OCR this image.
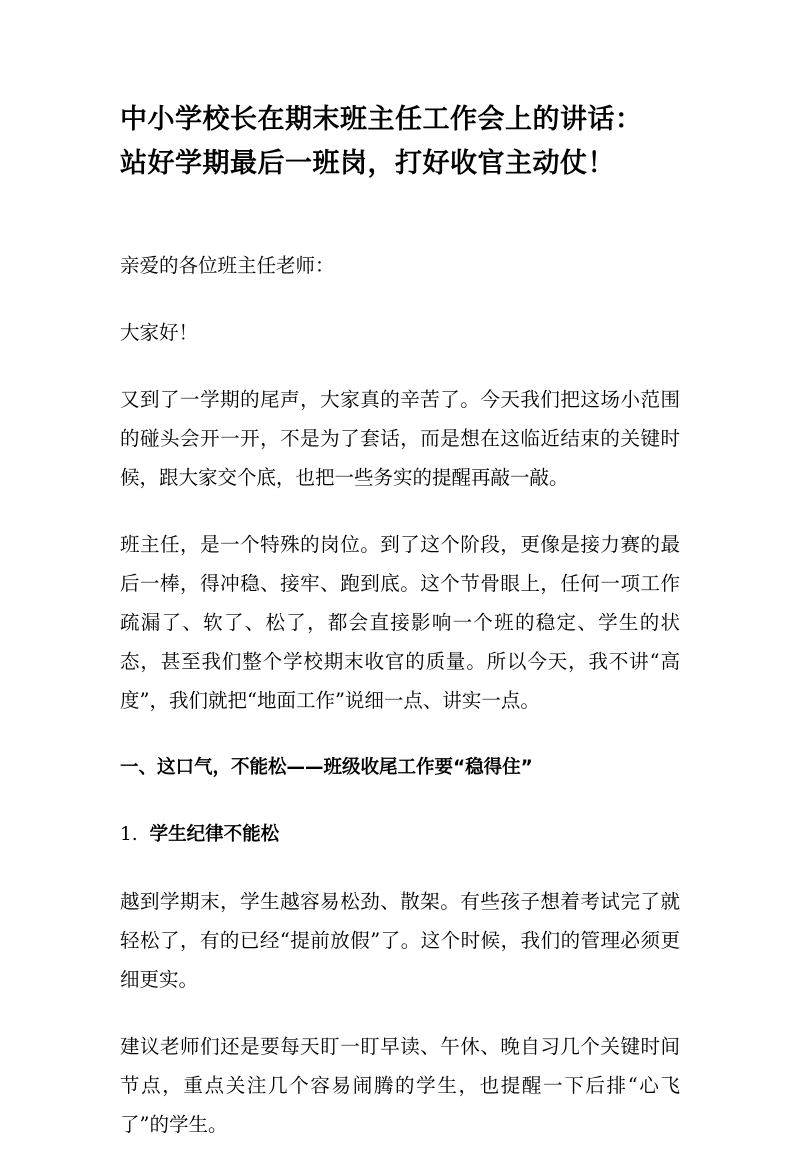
中小学校长在期末班主任工作会上的讲话：
站好学期最后一班岗，打好收官主动仗！

亲爱的各位班主任老师：

大家好！

又到了一学期的尾声，大家真的辛苦了。今天我们把这场小范围的碰头会开一开，不是为了套话，而是想在这临近结束的关键时候，跟大家交个底，也把一些务实的提醒再敲一敲。

班主任，是一个特殊的岗位。到了这个阶段，更像是接力赛的最后一棒，得冲稳、接牢、跑到底。这个节骨眼上，任何一项工作疏漏了、软了、松了，都会直接影响一个班的稳定、学生的状态，甚至我们整个学校期末收官的质量。所以今天，我不讲“高度”，我们就把“地面工作”说细一点、讲实一点。

一、这口气，不能松——班级收尾工作要“稳得住”

1. 学生纪律不能松

越到学期末，学生越容易松劲、散架。有些孩子想着考试完了就轻松了，有的已经“提前放假”了。这个时候，我们的管理必须更细更实。

建议老师们还是要每天盯一盯早读、午休、晚自习几个关键时间节点，重点关注几个容易闹腾的学生，也提醒一下后排“心飞了”的学生。
